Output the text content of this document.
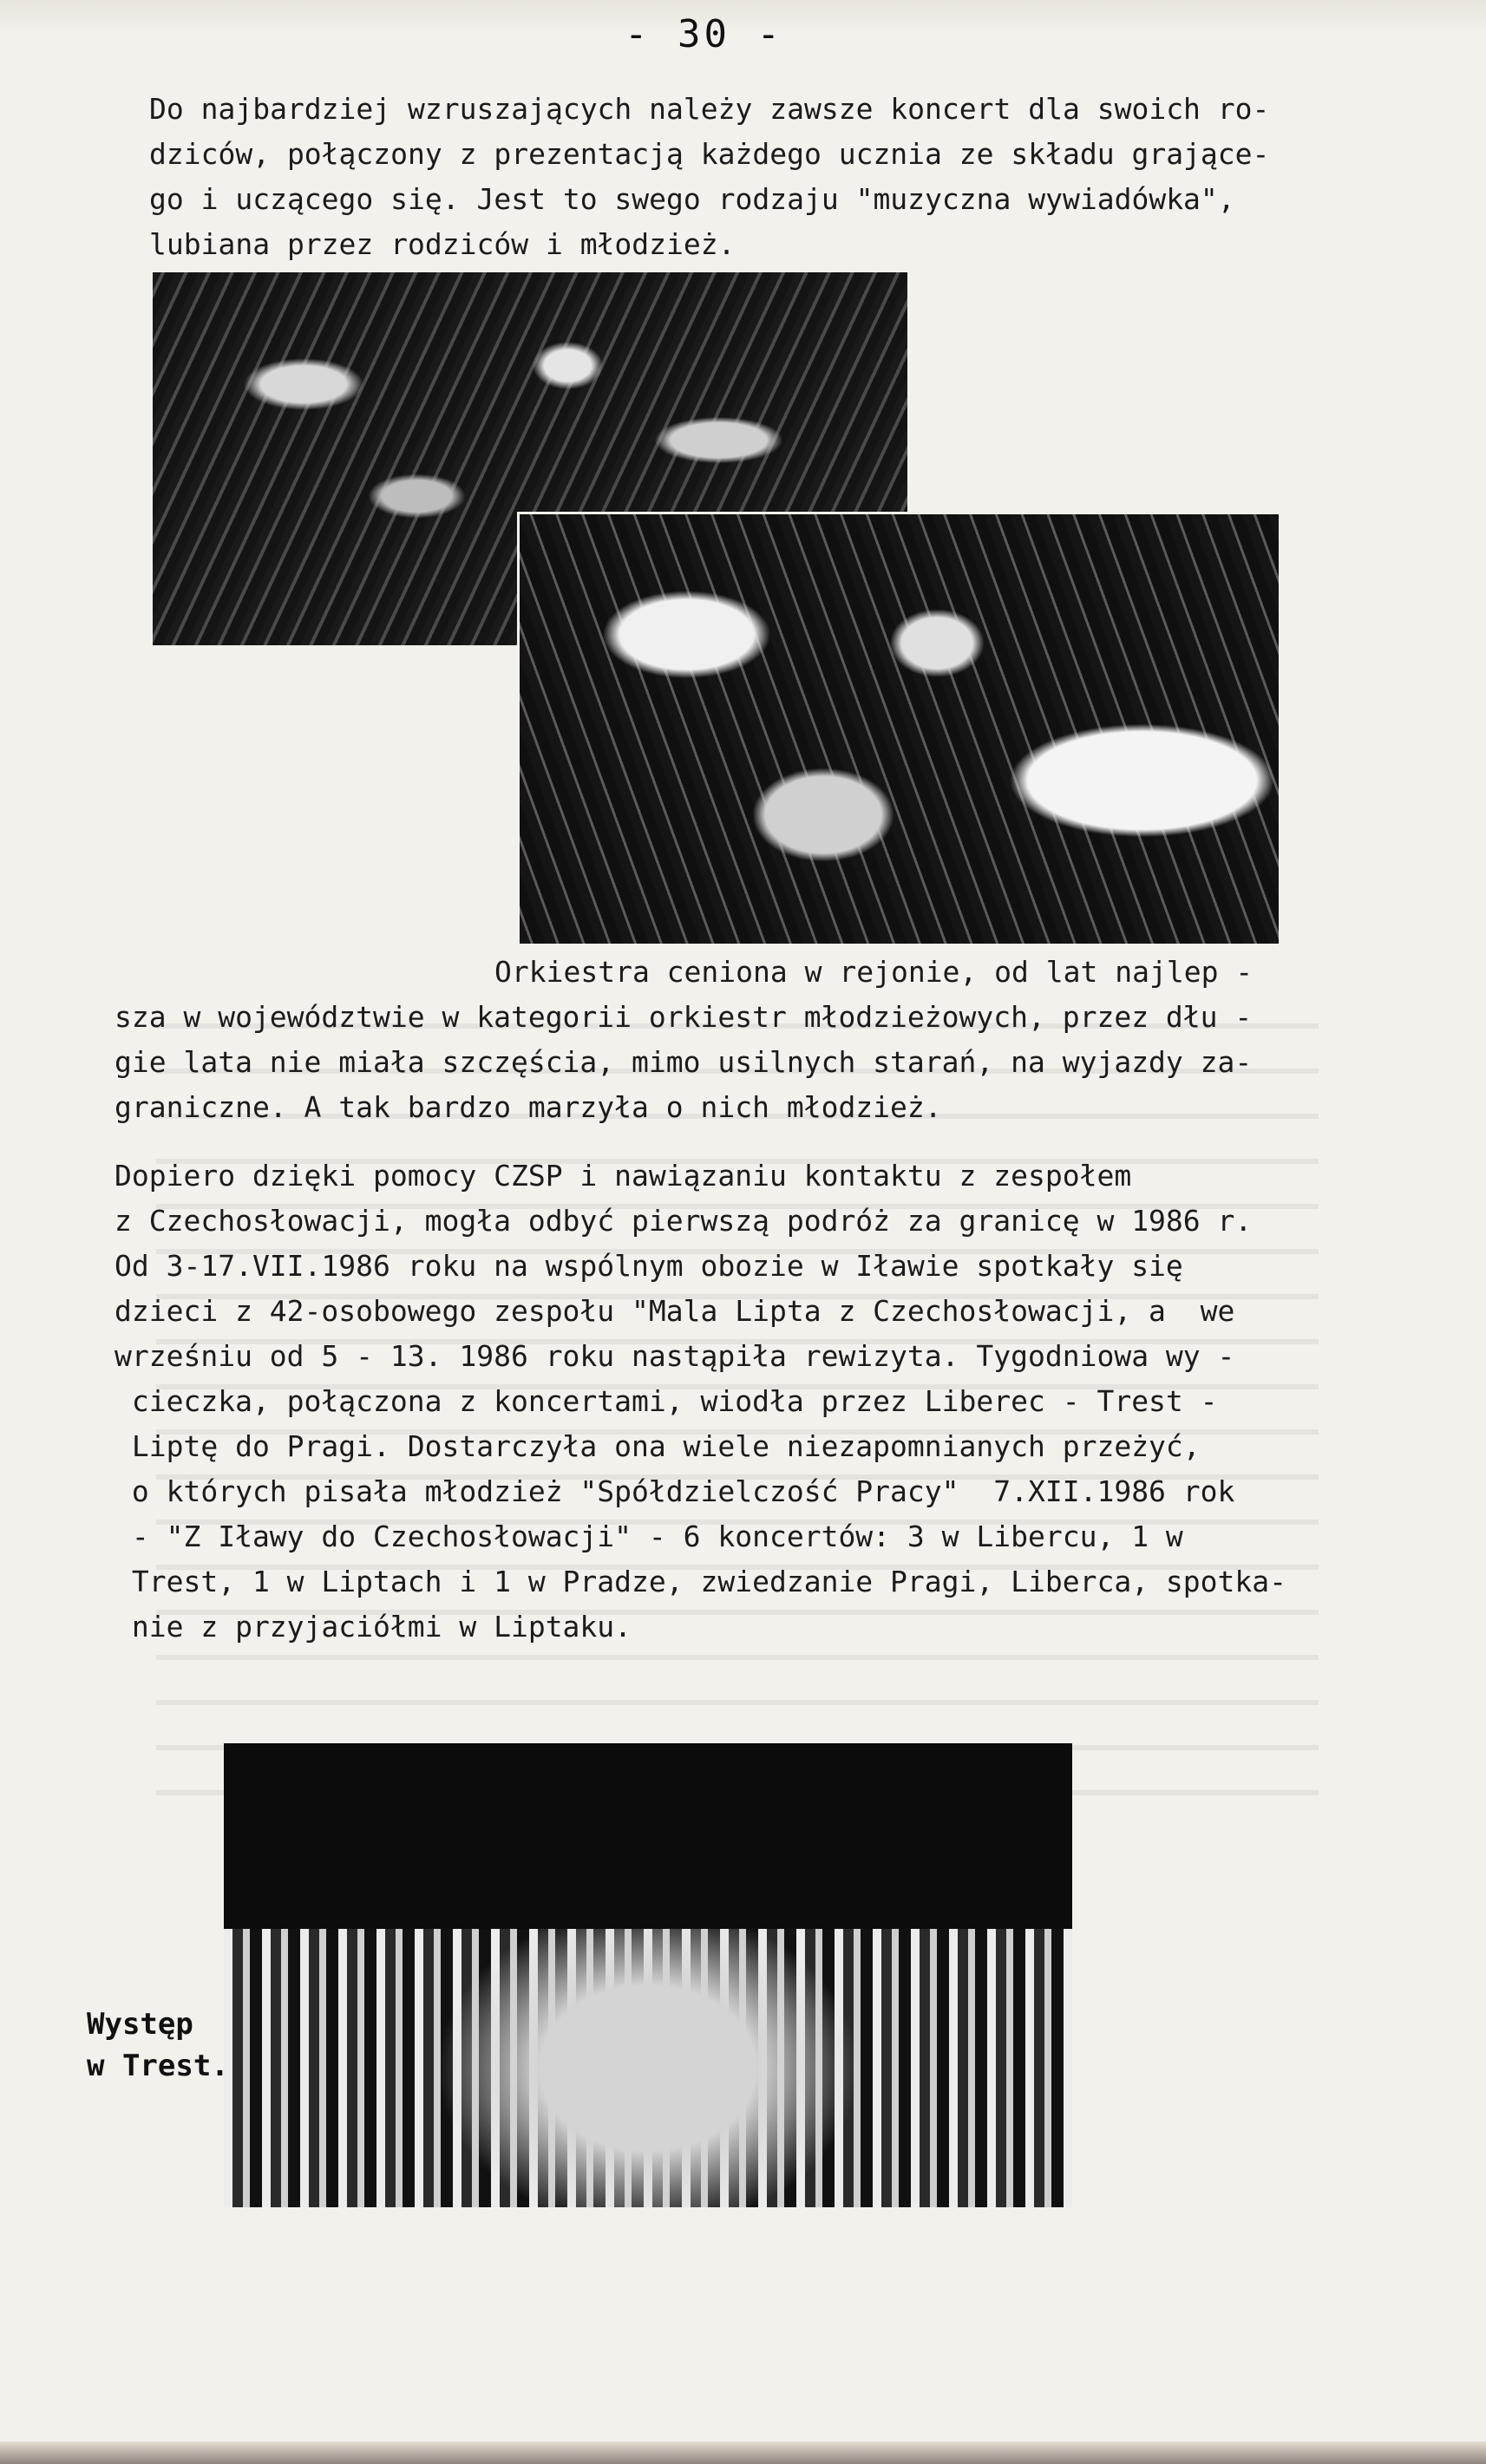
- 30 -

Do najbardziej wzruszających należy zawsze koncert dla swoich ro-
dziców, połączony z prezentacją każdego ucznia ze składu grające-
go i uczącego się. Jest to swego rodzaju "muzyczna wywiadówka",
lubiana przez rodziców i młodzież.

Orkiestra ceniona w rejonie, od lat najlep -

sza w województwie w kategorii orkiestr młodzieżowych, przez dłu -
gie lata nie miała szczęścia, mimo usilnych starań, na wyjazdy za-
graniczne. A tak bardzo marzyła o nich młodzież.

Dopiero dzięki pomocy CZSP i nawiązaniu kontaktu z zespołem
z Czechosłowacji, mogła odbyć pierwszą podróż za granicę w 1986 r.
Od 3-17.VII.1986 roku na wspólnym obozie w Iławie spotkały się
dzieci z 42-osobowego zespołu "Mala Lipta z Czechosłowacji, a  we
wrześniu od 5 - 13. 1986 roku nastąpiła rewizyta. Tygodniowa wy -
cieczka, połączona z koncertami, wiodła przez Liberec - Trest -
Liptę do Pragi. Dostarczyła ona wiele niezapomnianych przeżyć,
o których pisała młodzież "Spółdzielczość Pracy"  7.XII.1986 rok
- "Z Iławy do Czechosłowacji" - 6 koncertów: 3 w Libercu, 1 w
Trest, 1 w Liptach i 1 w Pradze, zwiedzanie Pragi, Liberca, spotka-
nie z przyjaciółmi w Liptaku.

Występ
w Trest.
